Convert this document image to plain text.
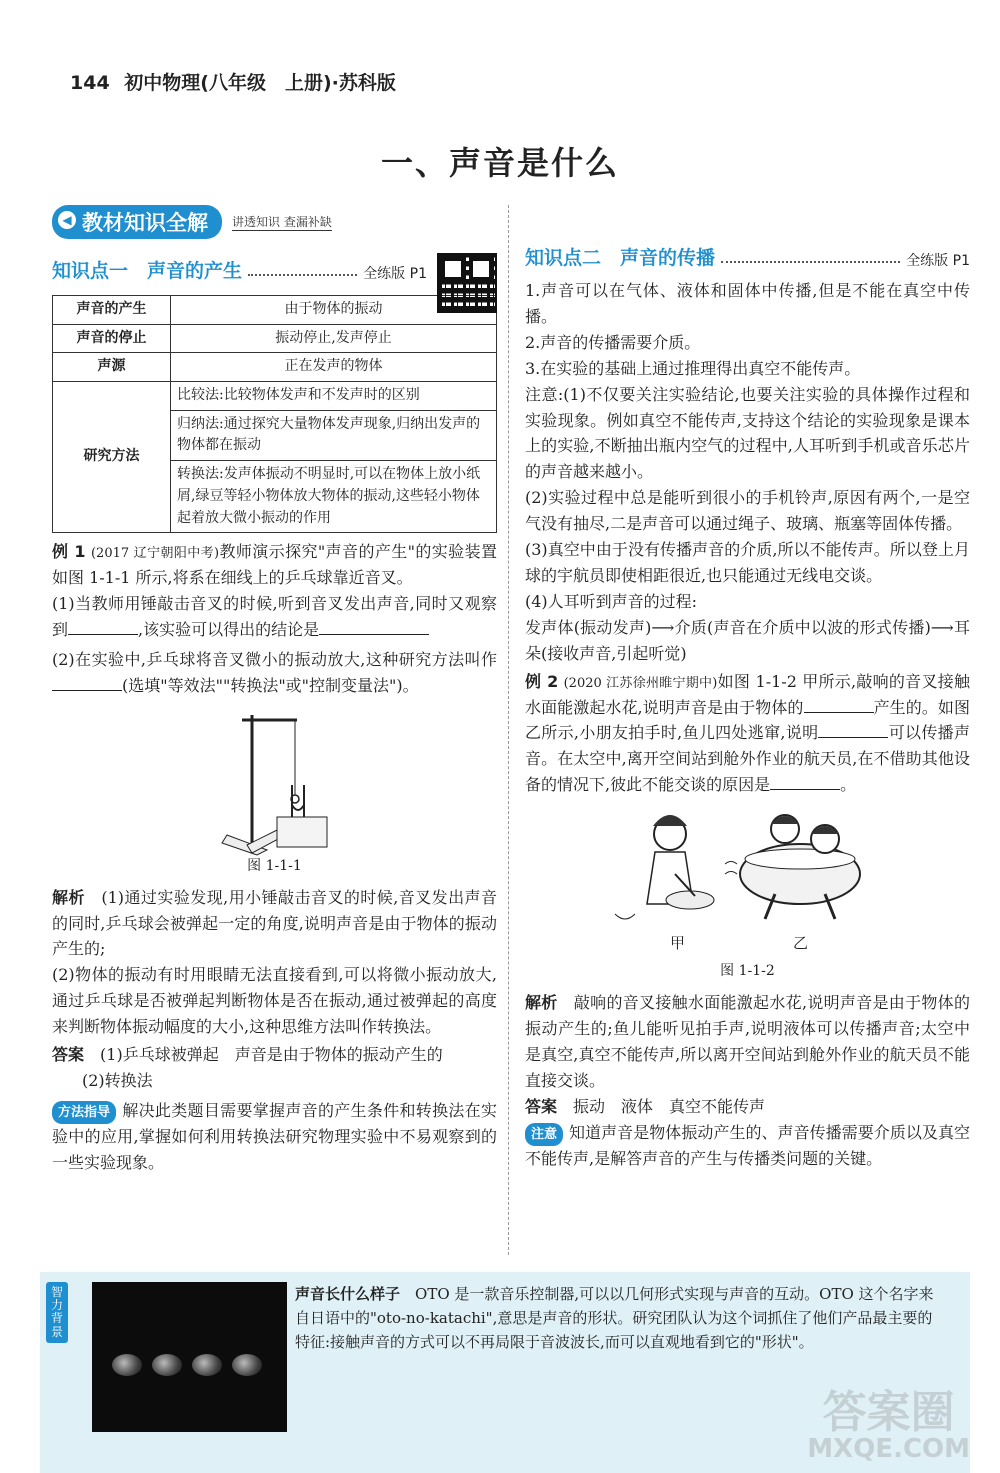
144 初中物理(八年级　上册)·苏科版
一、声音是什么
◀ 教材知识全解	讲透知识 查漏补缺
知识点一　声音的产生	全练版 P1
声音的产生	由于物体的振动
声音的停止	振动停止,发声停止
声源	正在发声的物体
研究方法	比较法:比较物体发声和不发声时的区别
	归纳法:通过探究大量物体发声现象,归纳出发声的物体都在振动
	转换法:发声体振动不明显时,可以在物体上放小纸屑,绿豆等轻小物体放大物体的振动,这些轻小物体起着放大微小振动的作用
例 1 (2017 辽宁朝阳中考)教师演示探究"声音的产生"的实验装置如图 1-1-1 所示,将系在细线上的乒乓球靠近音叉。
(1)当教师用锤敲击音叉的时候,听到音叉发出声音,同时又观察到	,该实验可以得出的结论是
(2)在实验中,乒乓球将音叉微小的振动放大,这种研究方法叫作(选填"等效法""转换法"或"控制变量法")。
图 1-1-1
解析　 (1)通过实验发现,用小锤敲击音叉的时候,音叉发出声音的同时,乒乓球会被弹起一定的角度,说明声音是由于物体的振动产生的;
(2)物体的振动有时用眼睛无法直接看到,可以将微小振动放大,通过乒乓球是否被弹起判断物体是否在振动,通过被弹起的高度来判断物体振动幅度的大小,这种思维方法叫作转换法。
答案　 (1)乒乓球被弹起　声音是由于物体的振动产生的
(2)转换法
方法指导 解决此类题目需要掌握声音的产生条件和转换法在实验中的应用,掌握如何利用转换法研究物理实验中不易观察到的一些实验现象。
知识点二　声音的传播	全练版 P1
1.声音可以在气体、液体和固体中传播,但是不能在真空中传播。
2.声音的传播需要介质。
3.在实验的基础上通过推理得出真空不能传声。
注意:(1)不仅要关注实验结论,也要关注实验的具体操作过程和实验现象。例如真空不能传声,支持这个结论的实验现象是课本上的实验,不断抽出瓶内空气的过程中,人耳听到手机或音乐芯片的声音越来越小。
(2)实验过程中总是能听到很小的手机铃声,原因有两个,一是空气没有抽尽,二是声音可以通过绳子、玻璃、瓶塞等固体传播。
(3)真空中由于没有传播声音的介质,所以不能传声。所以登上月球的宇航员即使相距很近,也只能通过无线电交谈。
(4)人耳听到声音的过程:
发声体(振动发声)⟶介质(声音在介质中以波的形式传播)⟶耳朵(接收声音,引起听觉)
例 2 (2020 江苏徐州睢宁期中)如图 1-1-2 甲所示,敲响的音叉接触水面能激起水花,说明声音是由于物体的	产生的。如图乙所示,小朋友拍手时,鱼儿四处逃窜,说明	可以传播声音。在太空中,离开空间站到舱外作业的航天员,在不借助其他设备的情况下,彼此不能交谈的原因是	。
甲	乙
图 1-1-2
解析　 敲响的音叉接触水面能激起水花,说明声音是由于物体的振动产生的;鱼儿能听见拍手声,说明液体可以传播声音;太空中是真空,真空不能传声,所以离开空间站到舱外作业的航天员不能直接交谈。
答案　 振动　液体　真空不能传声
注意 知道声音是物体振动产生的、声音传播需要介质以及真空不能传声,是解答声音的产生与传播类问题的关键。
智力背景
声音长什么样子　 OTO 是一款音乐控制器,可以以几何形式实现与声音的互动。OTO 这个名字来自日语中的"oto-no-katachi",意思是声音的形状。研究团队认为这个词抓住了他们产品最主要的特征:接触声音的方式可以不再局限于音波波长,而可以直观地看到它的"形状"。
答案圈
MXQE.COM
